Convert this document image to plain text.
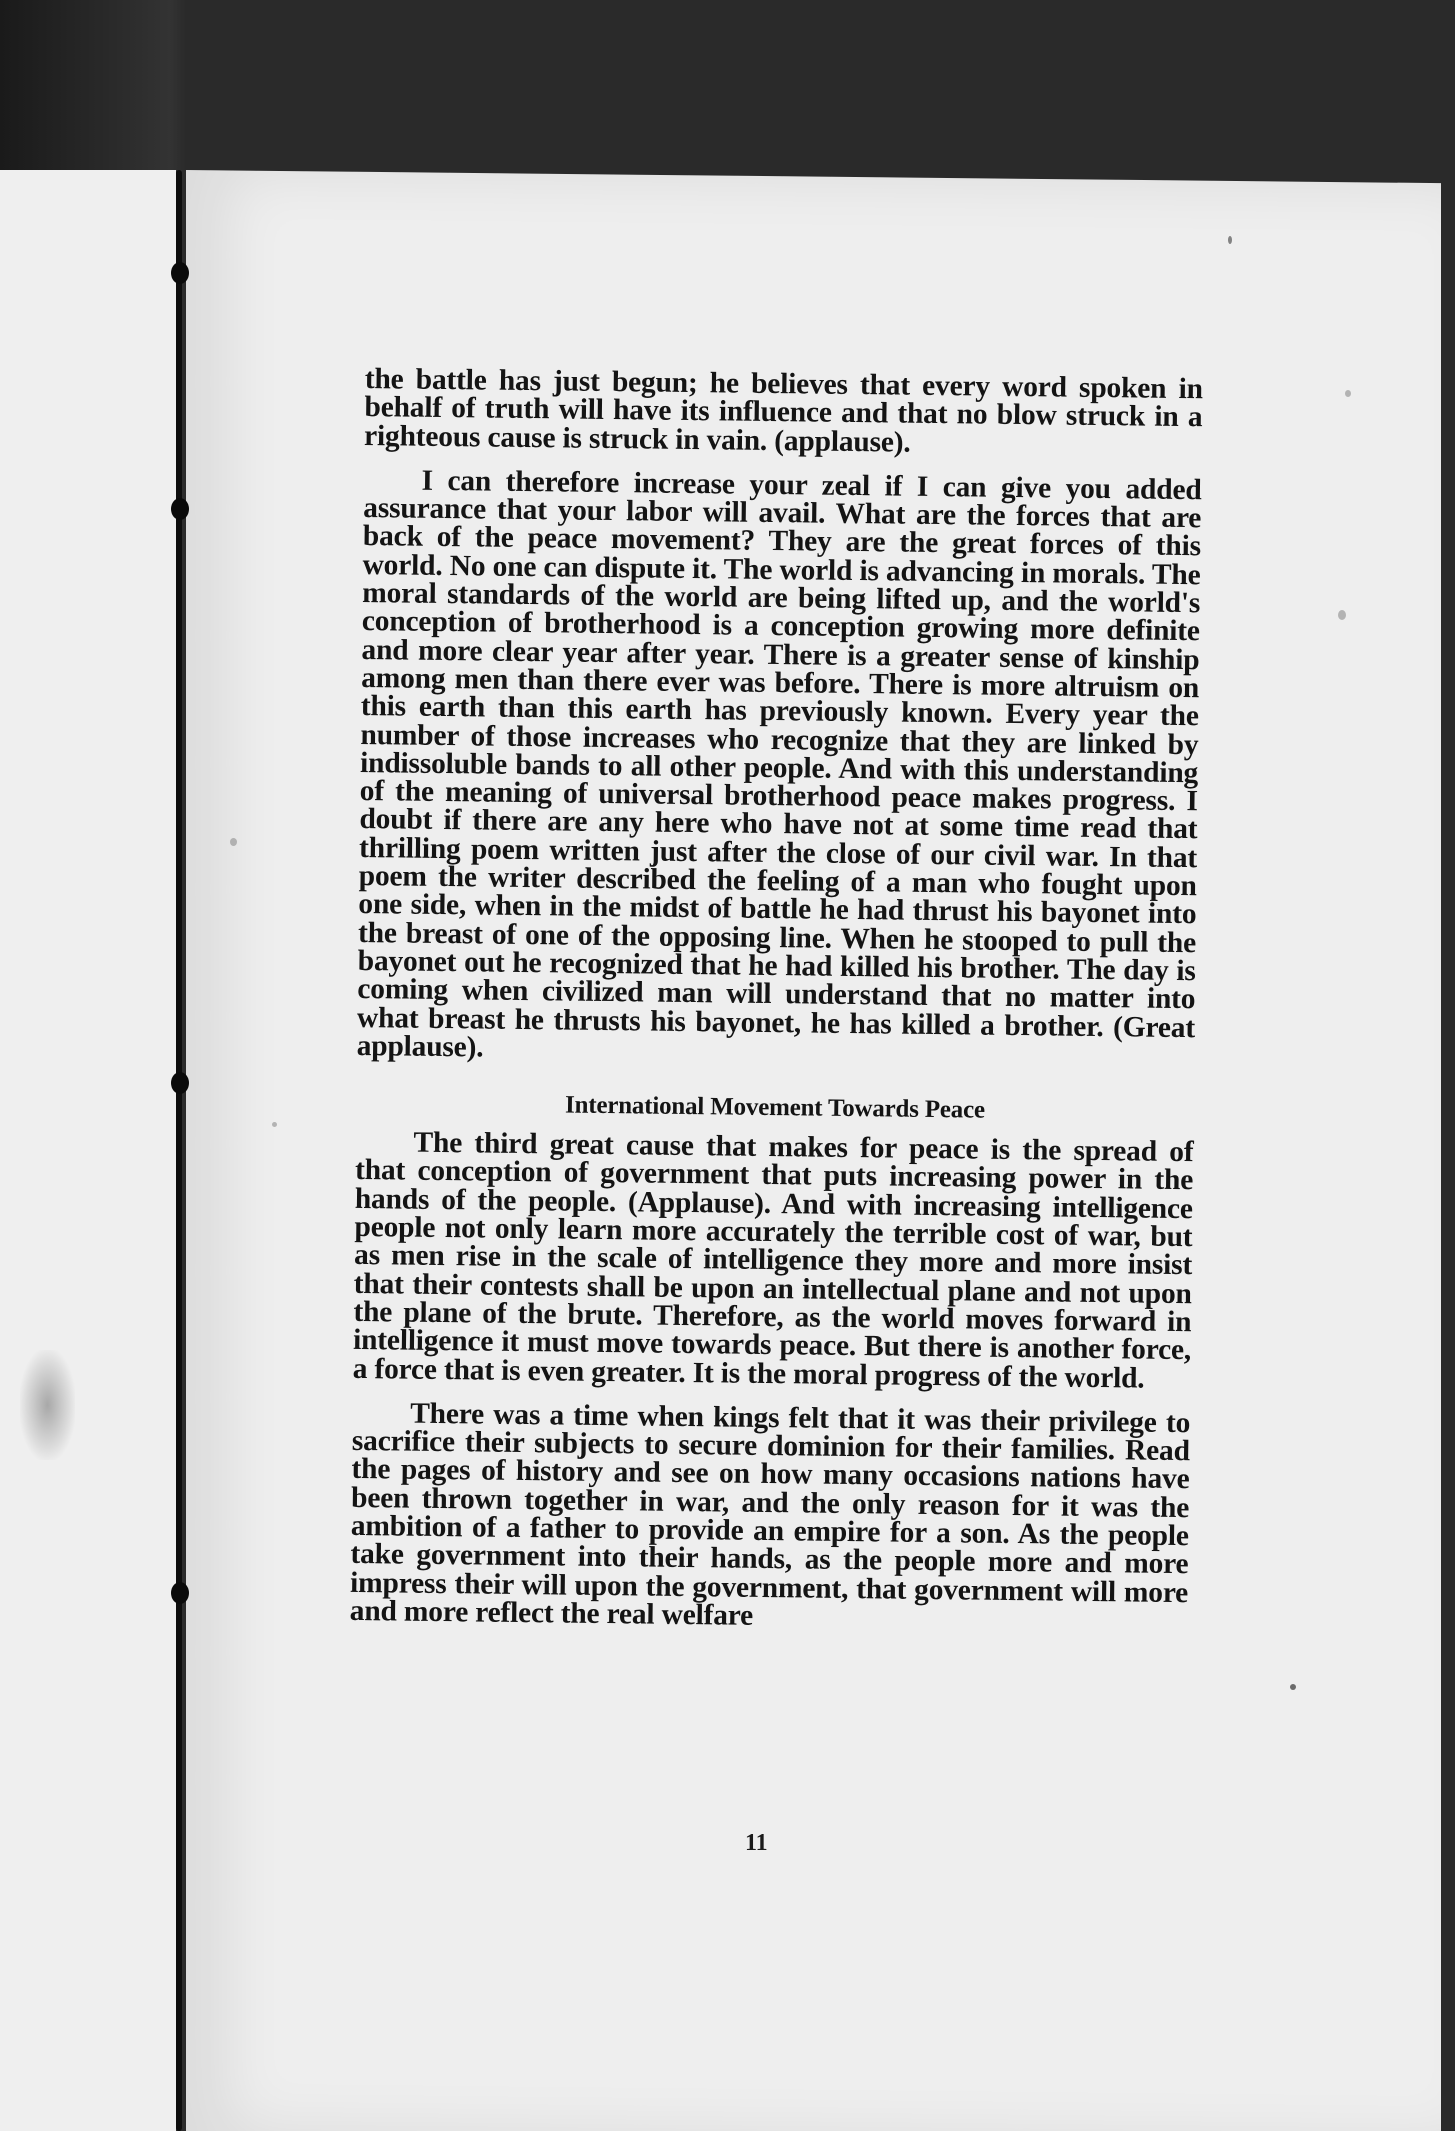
the battle has just begun; he believes that every word spoken in behalf of truth will have its influence and that no blow struck in a righteous cause is struck in vain. (applause).

I can therefore increase your zeal if I can give you added assurance that your labor will avail. What are the forces that are back of the peace movement? They are the great forces of this world. No one can dispute it. The world is advancing in morals. The moral standards of the world are being lifted up, and the world's conception of brotherhood is a conception growing more definite and more clear year after year. There is a greater sense of kinship among men than there ever was before. There is more altruism on this earth than this earth has previously known. Every year the number of those increases who recognize that they are linked by indissoluble bands to all other people. And with this understanding of the meaning of universal brotherhood peace makes progress. I doubt if there are any here who have not at some time read that thrilling poem written just after the close of our civil war. In that poem the writer described the feeling of a man who fought upon one side, when in the midst of battle he had thrust his bayonet into the breast of one of the opposing line. When he stooped to pull the bayonet out he recognized that he had killed his brother. The day is coming when civilized man will understand that no matter into what breast he thrusts his bayonet, he has killed a brother. (Great applause).

International Movement Towards Peace

The third great cause that makes for peace is the spread of that conception of government that puts increasing power in the hands of the people. (Applause). And with increasing intelligence people not only learn more accurately the terrible cost of war, but as men rise in the scale of intelligence they more and more insist that their contests shall be upon an intellectual plane and not upon the plane of the brute. Therefore, as the world moves forward in intelligence it must move towards peace. But there is another force, a force that is even greater. It is the moral progress of the world.

There was a time when kings felt that it was their privilege to sacrifice their subjects to secure dominion for their families. Read the pages of history and see on how many occasions nations have been thrown together in war, and the only reason for it was the ambition of a father to provide an empire for a son. As the people take government into their hands, as the people more and more impress their will upon the government, that government will more and more reflect the real welfare

11
